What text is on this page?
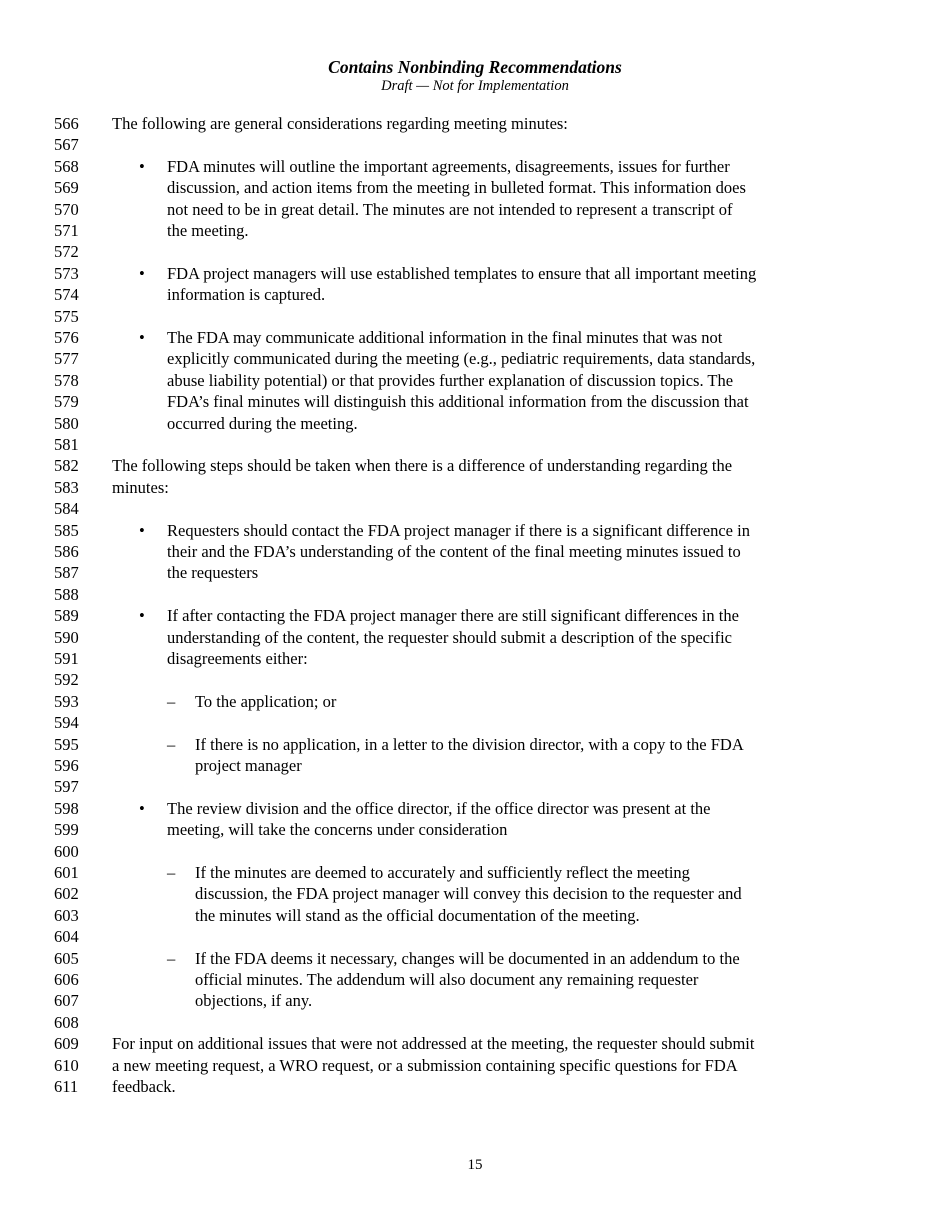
Contains Nonbinding Recommendations
Draft — Not for Implementation
566
567
568
569
570
571
572
573
574
575
576
577
578
579
580
581
582
583
584
585
586
587
588
589
590
591
592
593
594
595
596
597
598
599
600
601
602
603
604
605
606
607
608
609
610
611
The following are general considerations regarding meeting minutes:
FDA minutes will outline the important agreements, disagreements, issues for further
discussion, and action items from the meeting in bulleted format. This information does
not need to be in great detail. The minutes are not intended to represent a transcript of
the meeting.
FDA project managers will use established templates to ensure that all important meeting
information is captured.
The FDA may communicate additional information in the final minutes that was not
explicitly communicated during the meeting (e.g., pediatric requirements, data standards,
abuse liability potential) or that provides further explanation of discussion topics. The
FDA’s final minutes will distinguish this additional information from the discussion that
occurred during the meeting.
The following steps should be taken when there is a difference of understanding regarding the
minutes:
Requesters should contact the FDA project manager if there is a significant difference in
their and the FDA’s understanding of the content of the final meeting minutes issued to
the requesters
If after contacting the FDA project manager there are still significant differences in the
understanding of the content, the requester should submit a description of the specific
disagreements either:
To the application; or
If there is no application, in a letter to the division director, with a copy to the FDA
project manager
The review division and the office director, if the office director was present at the
meeting, will take the concerns under consideration
If the minutes are deemed to accurately and sufficiently reflect the meeting
discussion, the FDA project manager will convey this decision to the requester and
the minutes will stand as the official documentation of the meeting.
If the FDA deems it necessary, changes will be documented in an addendum to the
official minutes. The addendum will also document any remaining requester
objections, if any.
For input on additional issues that were not addressed at the meeting, the requester should submit
a new meeting request, a WRO request, or a submission containing specific questions for FDA
feedback.
•
•
•
•
•
•
–
–
–
–
15
